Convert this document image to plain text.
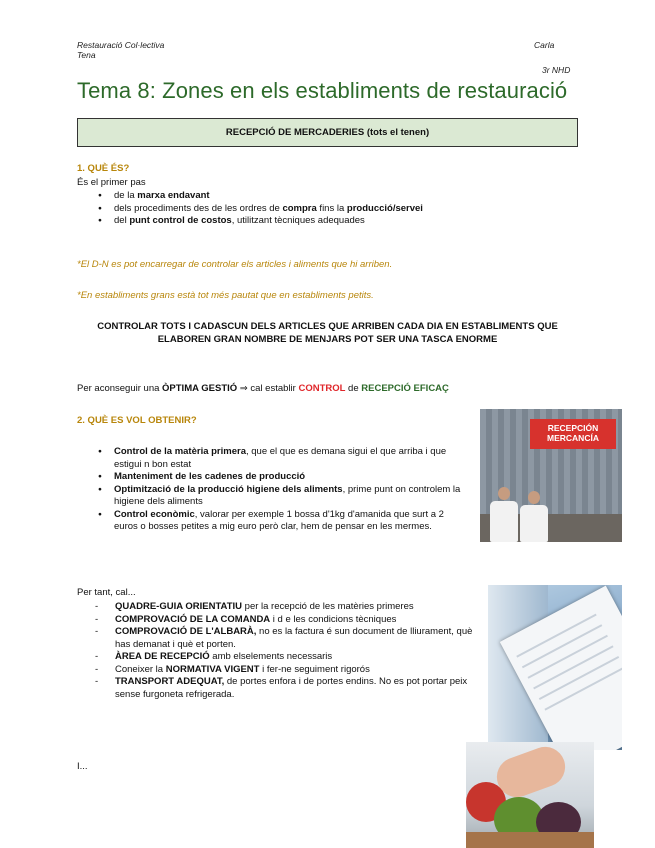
Restauració Col·lectiva
Tena
Carla
3r NHD
Tema 8: Zones en els establiments de restauració
RECEPCIÓ DE MERCADERIES (tots el tenen)
1. QUÈ ÉS?
És el primer pas
● de la marxa endavant
● dels procediments des de les ordres de compra fins la producció/servei
● del punt control de costos, utilitzant tècniques adequades
*El D-N es pot encarregar de controlar els articles i aliments que hi arriben.
*En establiments grans està tot més pautat que en establiments petits.
CONTROLAR TOTS I CADASCUN DELS ARTICLES QUE ARRIBEN CADA DIA EN ESTABLIMENTS QUE ELABOREN GRAN NOMBRE DE MENJARS POT SER UNA TASCA ENORME
Per aconseguir una ÒPTIMA GESTIÓ ⇒ cal establir CONTROL de RECEPCIÓ EFICAÇ
2. QUÈ ES VOL OBTENIR?
● Control de la matèria primera, que el que es demana sigui el que arriba i que estigui n bon estat
● Manteniment de les cadenes de producció
● Optimització de la producció higiene dels aliments, prime punt on controlem la higiene dels aliments
● Control econòmic, valorar per exemple 1 bossa d'1kg d'amanida que surt a 2 euros o bosses petites a mig euro però clar, hem de pensar en les mermes.
Per tant, cal...
- QUADRE-GUIA ORIENTATIU per la recepció de les matèries primeres
- COMPROVACIÓ DE LA COMANDA i d e les condicions tècniques
- COMPROVACIÓ DE L'ALBARÀ, no es la factura é sun document de lliurament, què has demanat i què et porten.
- ÀREA DE RECEPCIÓ amb elselements necessaris
- Coneixer la NORMATIVA VIGENT i fer-ne seguiment rigorós
- TRANSPORT ADEQUAT, de portes enfora i de portes endins. No es pot portar peix sense furgoneta refrigerada.
I...
RECEPCIÓN MERCANCÍA
